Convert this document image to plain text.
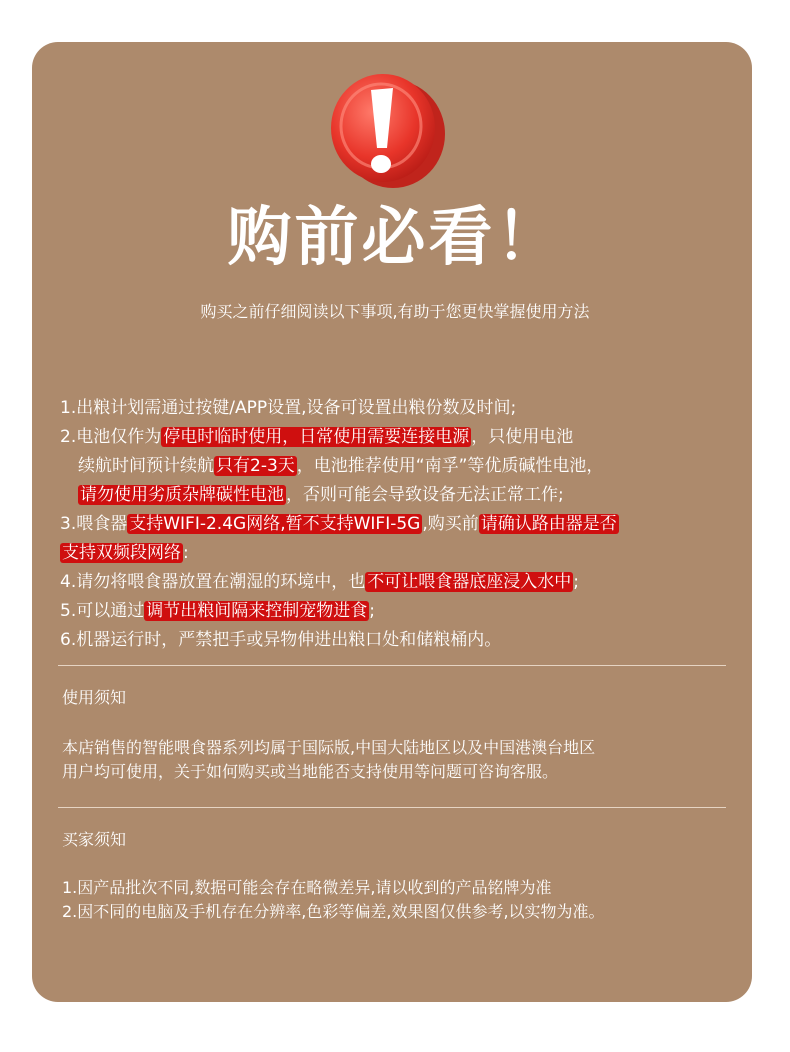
购前必看！
购买之前仔细阅读以下事项,有助于您更快掌握使用方法
1.出粮计划需通过按键/APP设置,设备可设置出粮份数及时间;
2.电池仅作为 停电时临时使用，日常使用需要连接电源 ，只使用电池
续航时间预计续航 只有2-3天 ，电池推荐使用“南孚”等优质碱性电池，
请勿使用劣质杂牌碳性电池 ，否则可能会导致设备无法正常工作;
3.喂食器 支持WIFI-2.4G网络,暂不支持WIFI-5G ,购买前 请确认路由器是否
支持双频段网络 :
4.请勿将喂食器放置在潮湿的环境中，也 不可让喂食器底座浸入水中 ;
5.可以通过 调节出粮间隔来控制宠物进食 ;
6.机器运行时，严禁把手或异物伸进出粮口处和储粮桶内。
使用须知
本店销售的智能喂食器系列均属于国际版,中国大陆地区以及中国港澳台地区
用户均可使用，关于如何购买或当地能否支持使用等问题可咨询客服。
买家须知
1.因产品批次不同,数据可能会存在略微差异,请以收到的产品铭牌为准
2.因不同的电脑及手机存在分辨率,色彩等偏差,效果图仅供参考,以实物为准。
